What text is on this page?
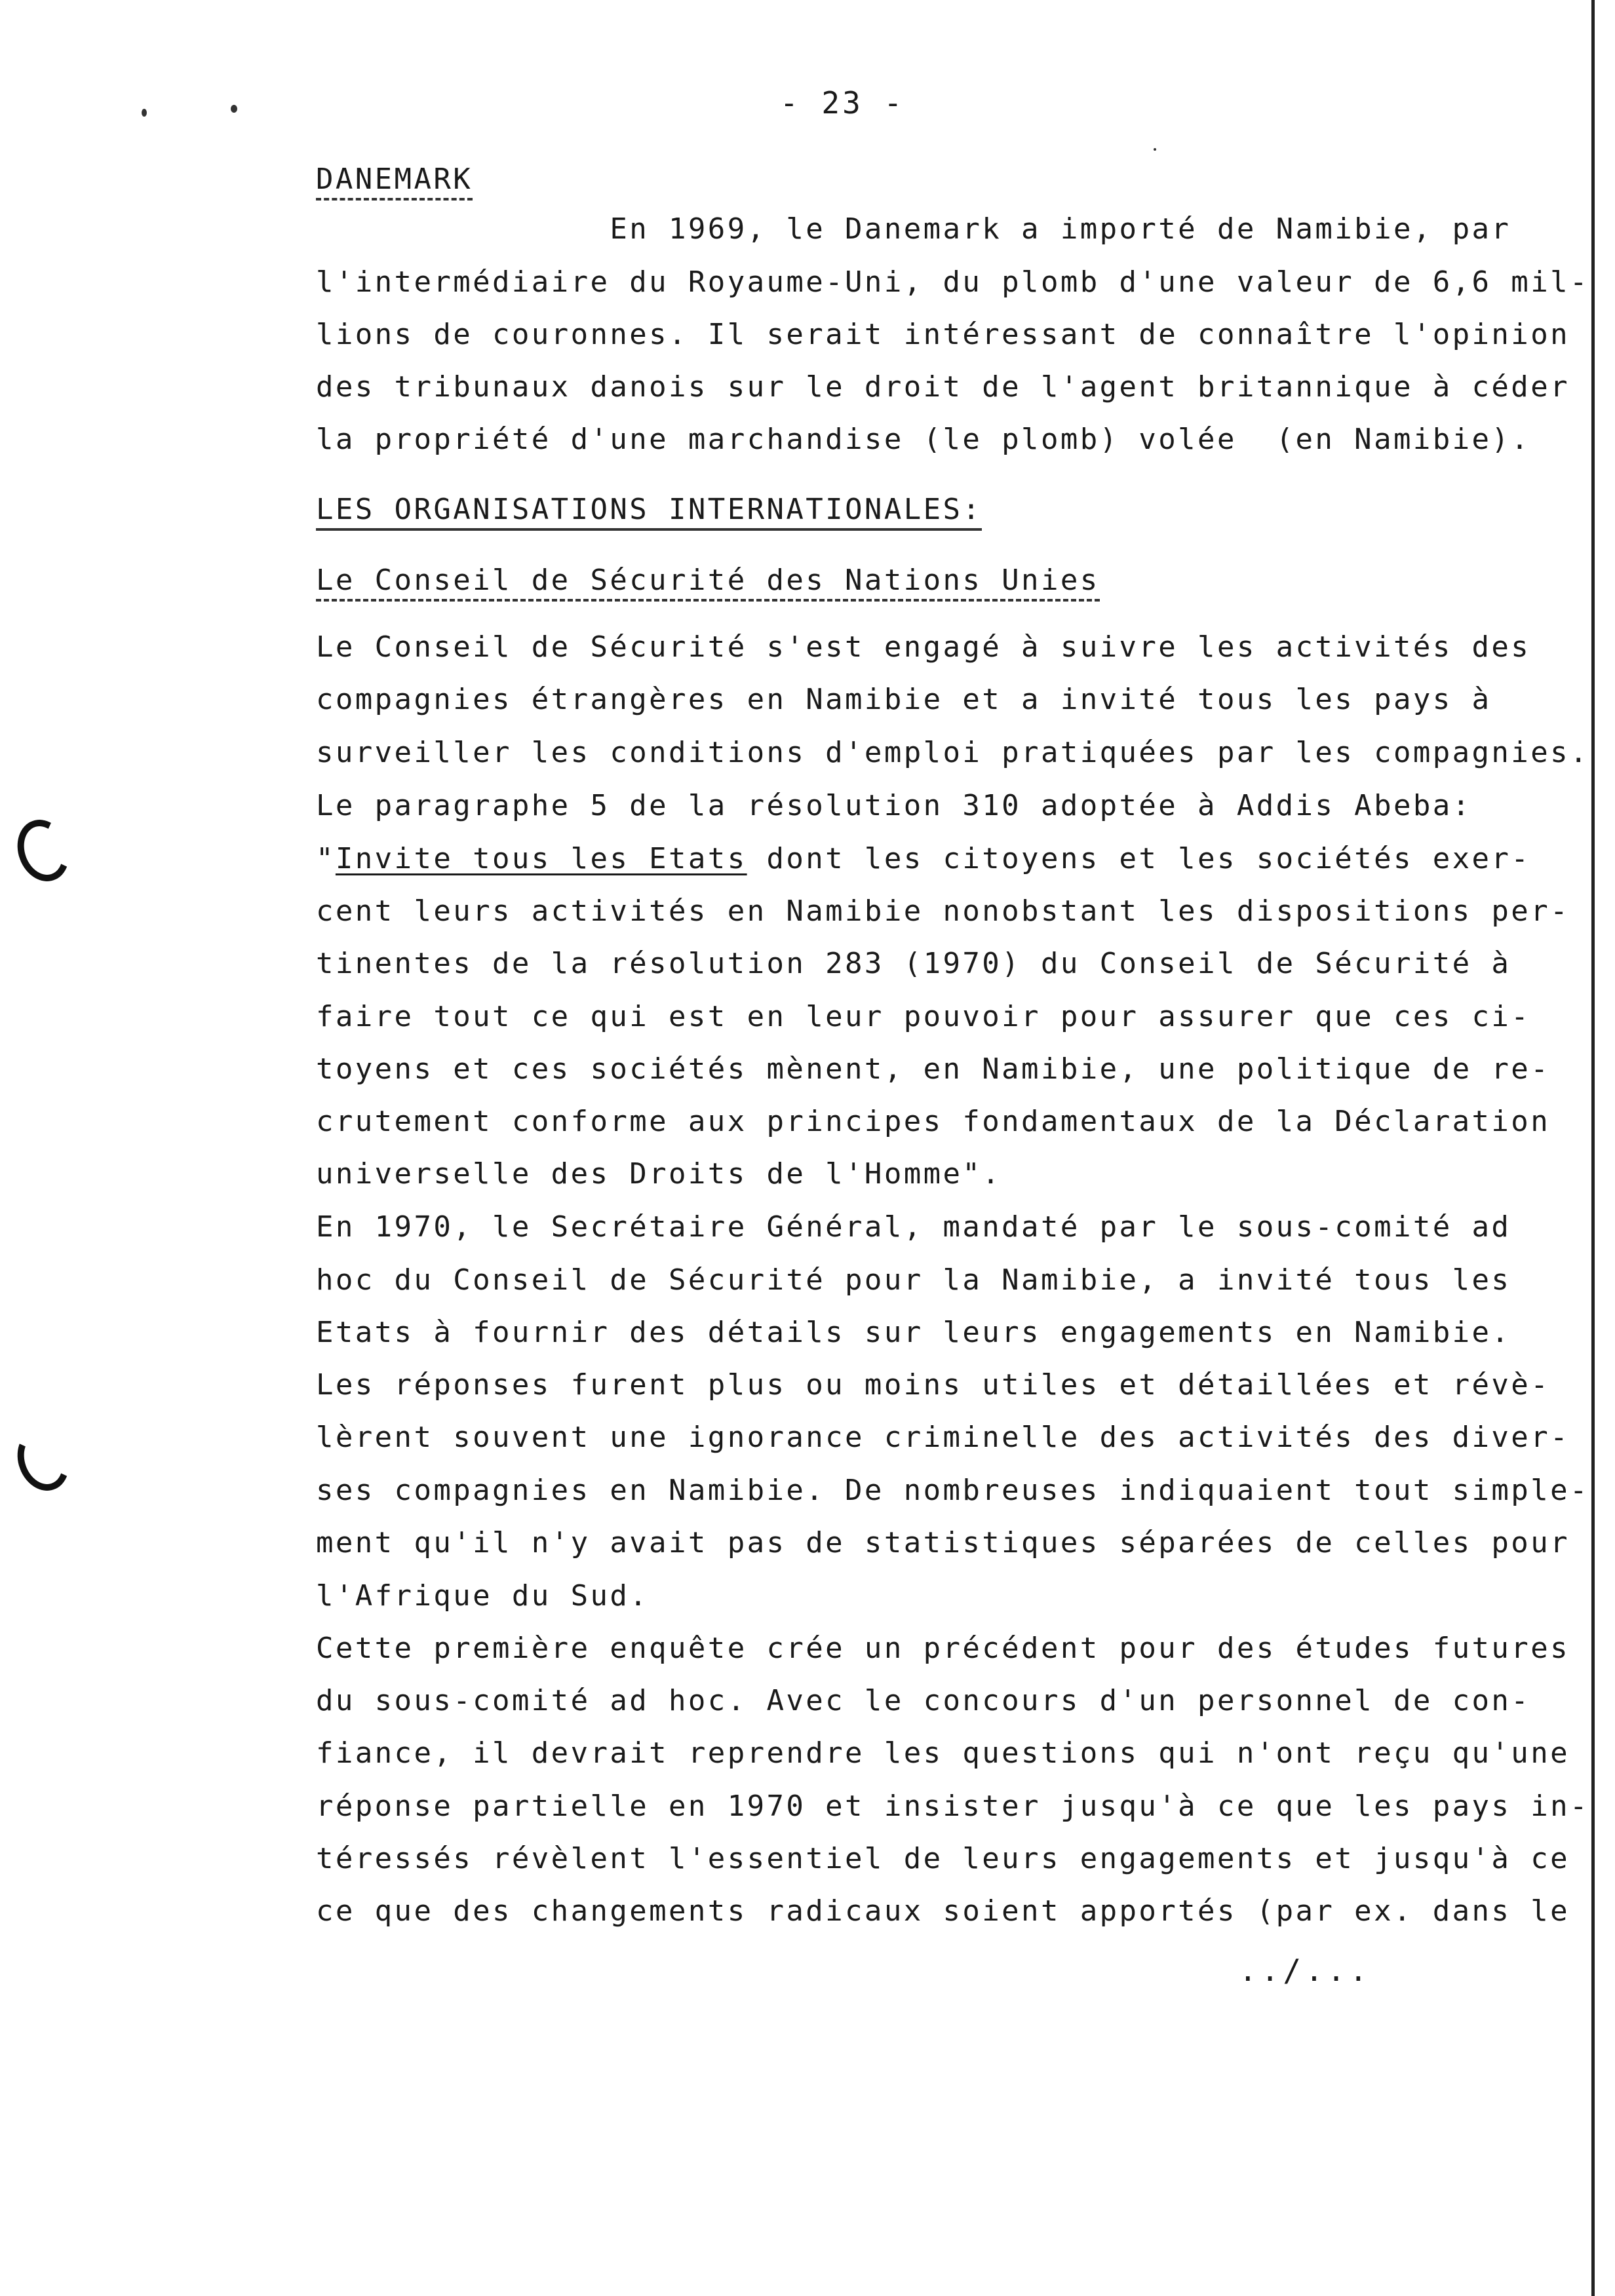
- 23 -
DANEMARK
En 1969, le Danemark a importé de Namibie, par
l'intermédiaire du Royaume-Uni, du plomb d'une valeur de 6,6 mil-
lions de couronnes. Il serait intéressant de connaître l'opinion
des tribunaux danois sur le droit de l'agent britannique à céder
la propriété d'une marchandise (le plomb) volée  (en Namibie).
LES ORGANISATIONS INTERNATIONALES:
Le Conseil de Sécurité des Nations Unies
Le Conseil de Sécurité s'est engagé à suivre les activités des
compagnies étrangères en Namibie et a invité tous les pays à
surveiller les conditions d'emploi pratiquées par les compagnies.
Le paragraphe 5 de la résolution 310 adoptée à Addis Abeba:
"Invite tous les Etats dont les citoyens et les sociétés exer-
cent leurs activités en Namibie nonobstant les dispositions per-
tinentes de la résolution 283 (1970) du Conseil de Sécurité à
faire tout ce qui est en leur pouvoir pour assurer que ces ci-
toyens et ces sociétés mènent, en Namibie, une politique de re-
crutement conforme aux principes fondamentaux de la Déclaration
universelle des Droits de l'Homme".
En 1970, le Secrétaire Général, mandaté par le sous-comité ad
hoc du Conseil de Sécurité pour la Namibie, a invité tous les
Etats à fournir des détails sur leurs engagements en Namibie.
Les réponses furent plus ou moins utiles et détaillées et révè-
lèrent souvent une ignorance criminelle des activités des diver-
ses compagnies en Namibie. De nombreuses indiquaient tout simple-
ment qu'il n'y avait pas de statistiques séparées de celles pour
l'Afrique du Sud.
Cette première enquête crée un précédent pour des études futures
du sous-comité ad hoc. Avec le concours d'un personnel de con-
fiance, il devrait reprendre les questions qui n'ont reçu qu'une
réponse partielle en 1970 et insister jusqu'à ce que les pays in-
téressés révèlent l'essentiel de leurs engagements et jusqu'à ce
ce que des changements radicaux soient apportés (par ex. dans le
../...
